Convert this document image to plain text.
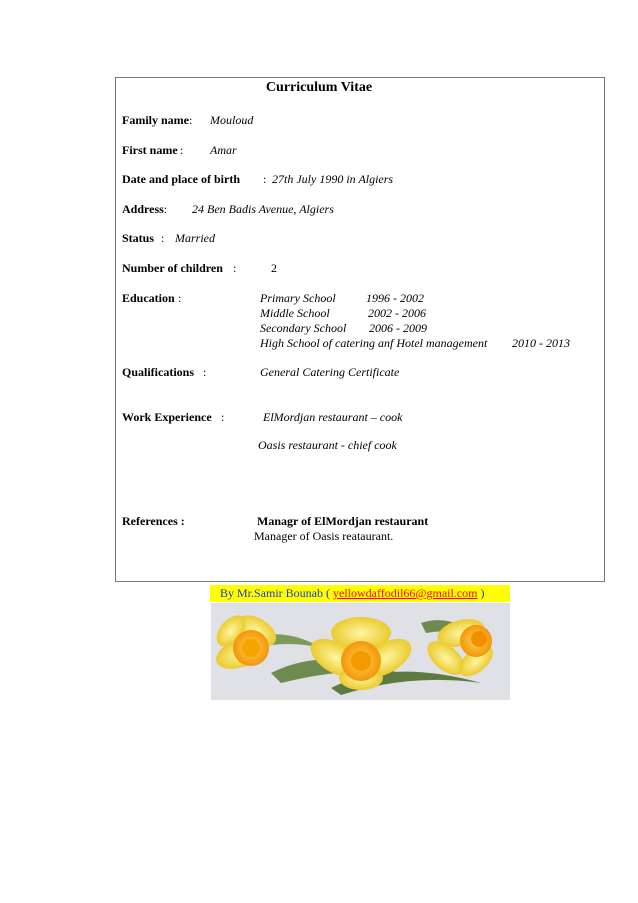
Curriculum Vitae
Family name: Mouloud
First name : Amar
Date and place of birth : 27th July 1990 in Algiers
Address: 24 Ben Badis Avenue, Algiers
Status : Married
Number of children :	2
Education :	Primary School	1996 - 2002
Middle School	2002 - 2006
Secondary School 2006 - 2009
High School of catering anf Hotel management 2010 - 2013
Qualifications :	General Catering Certificate
Work Experience :	ElMordjan restaurant – cook
Oasis restaurant - chief cook
References :	Managr of ElMordjan restaurant
Manager of Oasis reataurant.
By Mr.Samir Bounab ( yellowdaffodil66@gmail.com )
